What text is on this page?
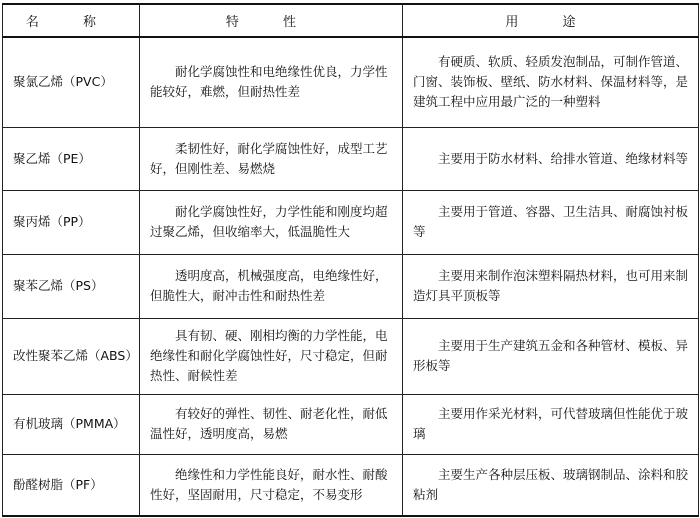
名 称	特 性	用 途

聚氯乙烯（PVC）	耐化学腐蚀性和电绝缘性优良，力学性能较好，难燃，但耐热性差	有硬质、软质、轻质发泡制品，可制作管道、门窗、装饰板、壁纸、防水材料、保温材料等，是建筑工程中应用最广泛的一种塑料

聚乙烯（PE）	柔韧性好，耐化学腐蚀性好，成型工艺好，但刚性差、易燃烧	主要用于防水材料、给排水管道、绝缘材料等

聚丙烯（PP）	耐化学腐蚀性好，力学性能和刚度均超过聚乙烯，但收缩率大，低温脆性大	主要用于管道、容器、卫生洁具、耐腐蚀衬板等

聚苯乙烯（PS）	透明度高，机械强度高，电绝缘性好，但脆性大，耐冲击性和耐热性差	主要用来制作泡沫塑料隔热材料，也可用来制造灯具平顶板等

改性聚苯乙烯（ABS）	具有韧、硬、刚相均衡的力学性能，电绝缘性和耐化学腐蚀性好，尺寸稳定，但耐热性、耐候性差	主要用于生产建筑五金和各种管材、模板、异形板等

有机玻璃（PMMA）	有较好的弹性、韧性、耐老化性，耐低温性好，透明度高，易燃	主要用作采光材料，可代替玻璃但性能优于玻璃

酚醛树脂（PF）	绝缘性和力学性能良好，耐水性、耐酸性好，坚固耐用，尺寸稳定，不易变形	主要生产各种层压板、玻璃钢制品、涂料和胶粘剂
